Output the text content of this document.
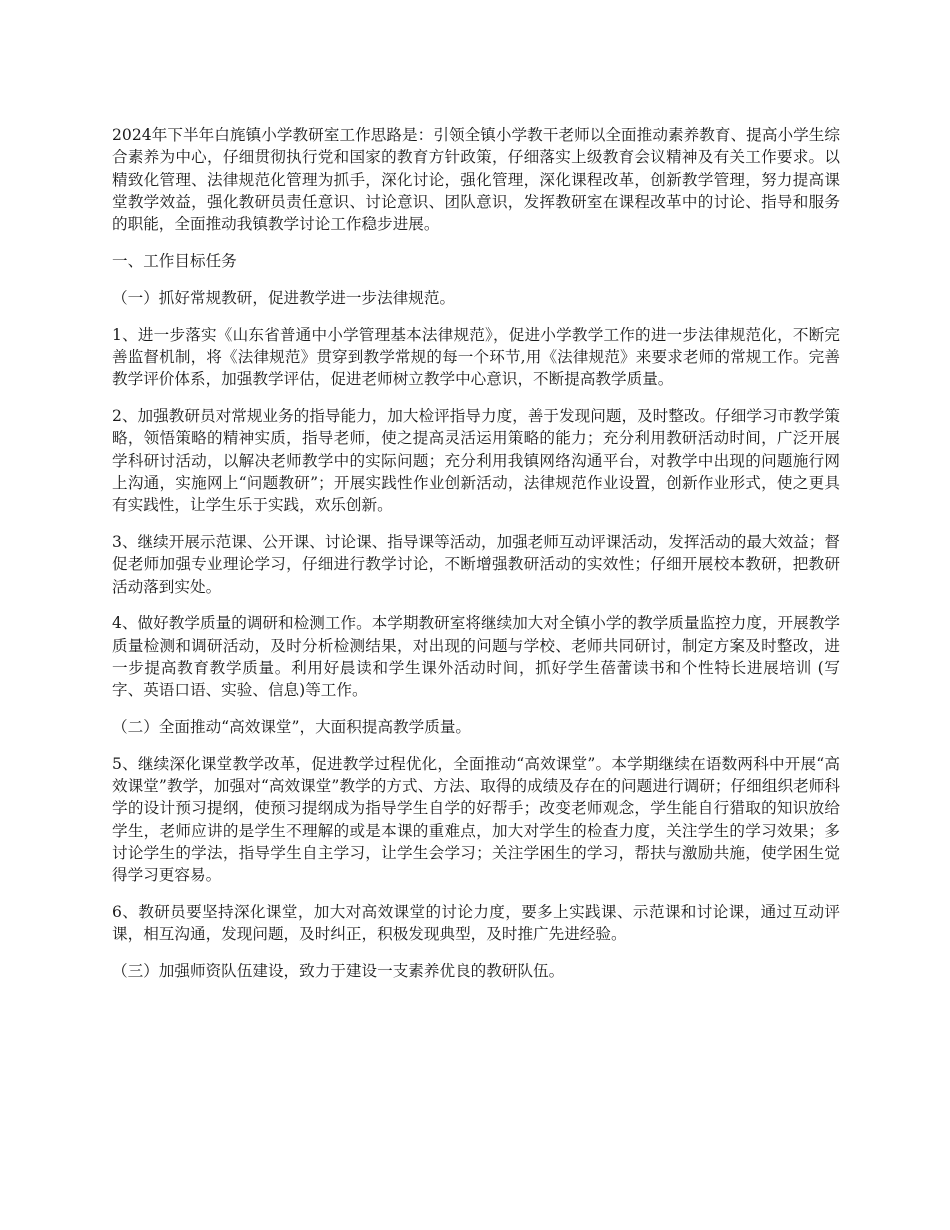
2024年下半年白旄镇小学教研室工作思路是：引领全镇小学教干老师以全面推动素养教育、提高小学生综合素养为中心，仔细贯彻执行党和国家的教育方针政策，仔细落实上级教育会议精神及有关工作要求。以精致化管理、法律规范化管理为抓手，深化讨论，强化管理，深化课程改革，创新教学管理，努力提高课堂教学效益，强化教研员责任意识、讨论意识、团队意识，发挥教研室在课程改革中的讨论、指导和服务的职能，全面推动我镇教学讨论工作稳步进展。

一、工作目标任务

（一）抓好常规教研，促进教学进一步法律规范。

1、进一步落实《山东省普通中小学管理基本法律规范》，促进小学教学工作的进一步法律规范化，不断完善监督机制，将《法律规范》贯穿到教学常规的每一个环节,用《法律规范》来要求老师的常规工作。完善教学评价体系，加强教学评估，促进老师树立教学中心意识，不断提高教学质量。

2、加强教研员对常规业务的指导能力，加大检评指导力度，善于发现问题，及时整改。仔细学习市教学策略，领悟策略的精神实质，指导老师，使之提高灵活运用策略的能力；充分利用教研活动时间，广泛开展学科研讨活动，以解决老师教学中的实际问题；充分利用我镇网络沟通平台，对教学中出现的问题施行网上沟通，实施网上“问题教研”；开展实践性作业创新活动，法律规范作业设置，创新作业形式，使之更具有实践性，让学生乐于实践，欢乐创新。

3、继续开展示范课、公开课、讨论课、指导课等活动，加强老师互动评课活动，发挥活动的最大效益；督促老师加强专业理论学习，仔细进行教学讨论，不断增强教研活动的实效性；仔细开展校本教研，把教研活动落到实处。

4、做好教学质量的调研和检测工作。本学期教研室将继续加大对全镇小学的教学质量监控力度，开展教学质量检测和调研活动，及时分析检测结果，对出现的问题与学校、老师共同研讨，制定方案及时整改，进一步提高教育教学质量。利用好晨读和学生课外活动时间，抓好学生蓓蕾读书和个性特长进展培训 (写字、英语口语、实验、信息)等工作。

（二）全面推动“高效课堂”，大面积提高教学质量。

5、继续深化课堂教学改革，促进教学过程优化，全面推动“高效课堂”。本学期继续在语数两科中开展“高效课堂”教学，加强对“高效课堂”教学的方式、方法、取得的成绩及存在的问题进行调研；仔细组织老师科学的设计预习提纲，使预习提纲成为指导学生自学的好帮手；改变老师观念，学生能自行猎取的知识放给学生，老师应讲的是学生不理解的或是本课的重难点，加大对学生的检查力度，关注学生的学习效果；多讨论学生的学法，指导学生自主学习，让学生会学习；关注学困生的学习，帮扶与激励共施，使学困生觉得学习更容易。

6、教研员要坚持深化课堂，加大对高效课堂的讨论力度，要多上实践课、示范课和讨论课，通过互动评课，相互沟通，发现问题，及时纠正，积极发现典型，及时推广先进经验。

（三）加强师资队伍建设，致力于建设一支素养优良的教研队伍。
